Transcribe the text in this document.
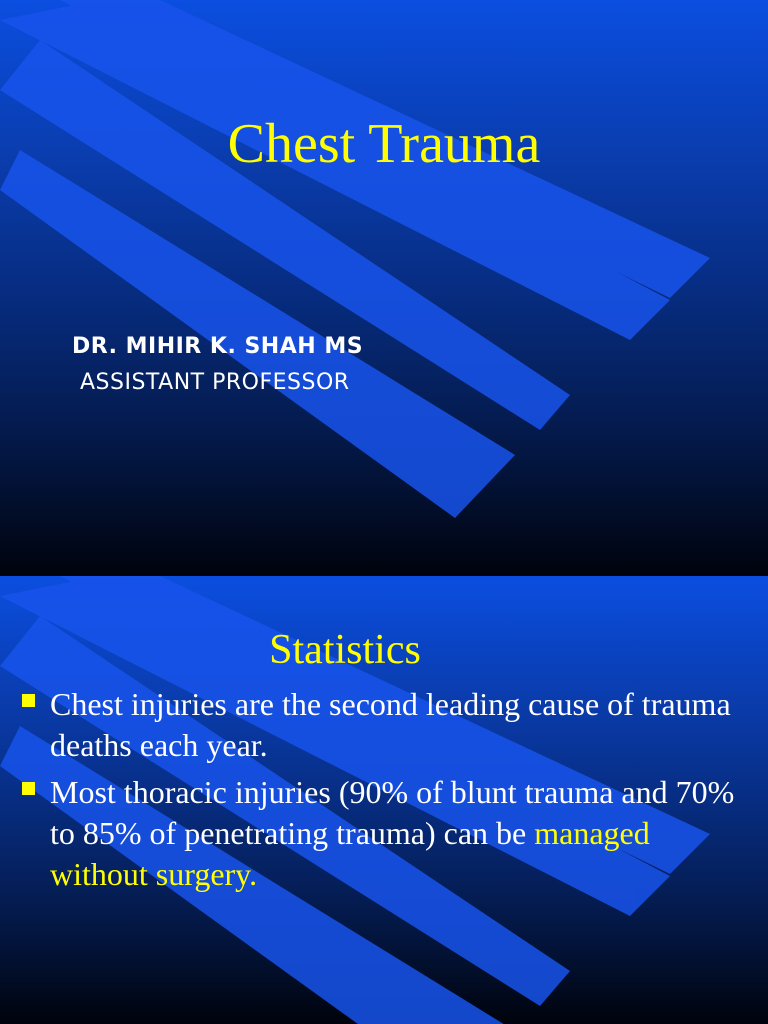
Chest Trauma
DR. MIHIR K. SHAH MS
ASSISTANT PROFESSOR
Statistics
Chest injuries are the second leading cause of trauma deaths each year.
Most thoracic injuries (90% of blunt trauma and 70% to 85% of penetrating trauma) can be managed without surgery.
